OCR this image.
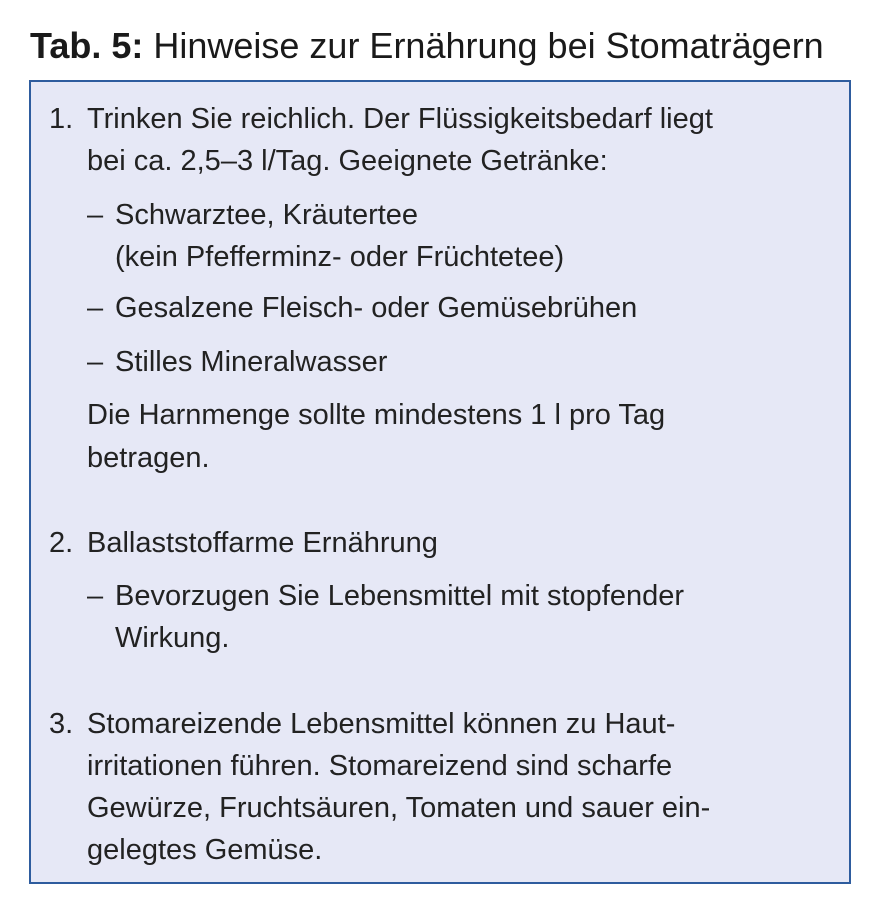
Tab. 5: Hinweise zur Ernährung bei Stomaträgern
1. Trinken Sie reichlich. Der Flüssigkeitsbedarf liegt
bei ca. 2,5–3 l/Tag. Geeignete Getränke:
– Schwarztee, Kräutertee
(kein Pfefferminz- oder Früchtetee)
– Gesalzene Fleisch- oder Gemüsebrühen
– Stilles Mineralwasser
Die Harnmenge sollte mindestens 1 l pro Tag
betragen.
2. Ballaststoffarme Ernährung
– Bevorzugen Sie Lebensmittel mit stopfender
Wirkung.
3. Stomareizende Lebensmittel können zu Haut-
irritationen führen. Stomareizend sind scharfe
Gewürze, Fruchtsäuren, Tomaten und sauer ein-
gelegtes Gemüse.
